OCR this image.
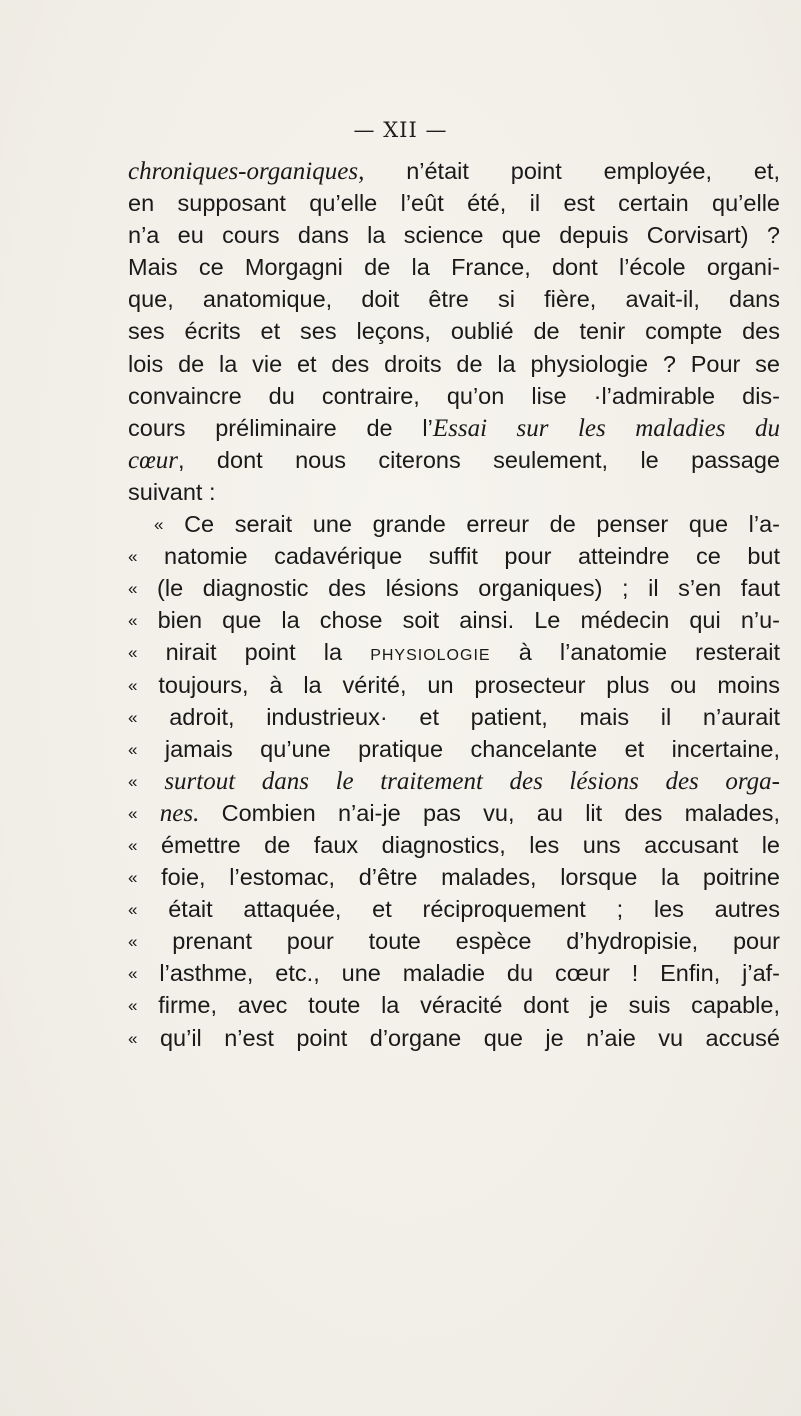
— XII —
chroniques-organiques, n’était point employée, et,
en supposant qu’elle l’eût été, il est certain qu’elle
n’a eu cours dans la science que depuis Corvisart) ?
Mais ce Morgagni de la France, dont l’école organi-
que, anatomique, doit être si fière, avait-il, dans
ses écrits et ses leçons, oublié de tenir compte des
lois de la vie et des droits de la physiologie ? Pour se
convaincre du contraire, qu’on lise ·l’admirable dis-
cours préliminaire de l’Essai sur les maladies du
cœur, dont nous citerons seulement, le passage
suivant :
« Ce serait une grande erreur de penser que l’a-
« natomie cadavérique suffit pour atteindre ce but
« (le diagnostic des lésions organiques) ; il s’en faut
« bien que la chose soit ainsi. Le médecin qui n’u-
« nirait point la physiologie à l’anatomie resterait
« toujours, à la vérité, un prosecteur plus ou moins
« adroit, industrieux· et patient, mais il n’aurait
« jamais qu’une pratique chancelante et incertaine,
« surtout dans le traitement des lésions des orga-
« nes. Combien n’ai-je pas vu, au lit des malades,
« émettre de faux diagnostics, les uns accusant le
« foie, l’estomac, d’être malades, lorsque la poitrine
« était attaquée, et réciproquement ; les autres
« prenant pour toute espèce d’hydropisie, pour
« l’asthme, etc., une maladie du cœur ! Enfin, j’af-
« firme, avec toute la véracité dont je suis capable,
« qu’il n’est point d’organe que je n’aie vu accusé
